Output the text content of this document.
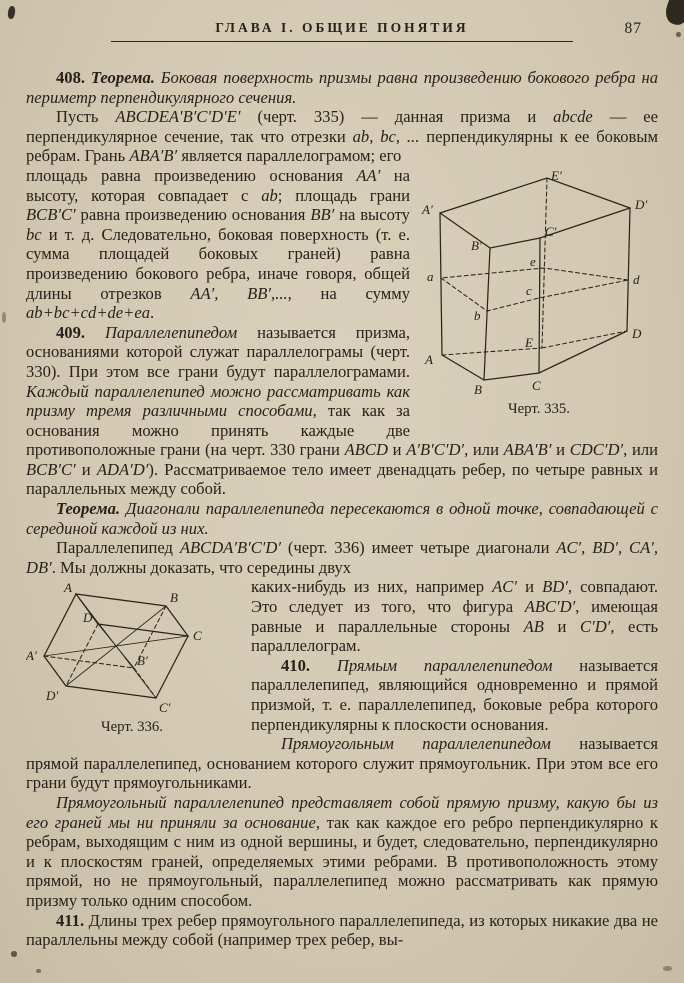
ГЛАВА I. ОБЩИЕ ПОНЯТИЯ	87

408. Теорема. Боковая поверхность призмы равна произведению бокового ребра на периметр перпендикулярного сечения.

Пусть ABCDEA′B′C′D′E′ (черт. 335) — данная призма и abcde — ее перпендикулярное сечение, так что отрезки ab, bc, ... перпендикулярны к ее боковым ребрам. Грань ABA′B′ является параллелограмом; его

E′
A′	D′
B′
C′
e
a
b
c
d
E
A
B	C
D
Черт. 335.

площадь равна произведению основания AA′ на высоту, которая совпадает с ab; площадь грани BCB′C′ равна произведению основания BB′ на высоту bc и т. д. Следовательно, боковая поверхность (т. е. сумма площадей боковых граней) равна произведению бокового ребра, иначе говоря, общей длины отрезков AA′, BB′,..., на сумму ab+bc+cd+de+ea.

409. Параллелепипедом называется призма, основаниями которой служат параллелограмы (черт. 330). При этом все грани будут параллелограмами. Каждый параллелепипед можно рассматривать как призму тремя различными способами, так как за основания можно принять каждые две противоположные грани (на черт. 330 грани ABCD и A′B′C′D′, или ABA′B′ и CDC′D′, или BCB′C′ и ADA′D′). Рассматриваемое тело имеет двенадцать ребер, по четыре равных и параллельных между собой.

Теорема. Диагонали параллелепипеда пересекаются в одной точке, совпадающей с серединой каждой из них.

Параллелепипед ABCDA′B′C′D′ (черт. 336) имеет четыре диагонали AC′, BD′, CA′, DB′. Мы должны доказать, что середины двух

A
B
C
D
A′	B′
C′
D′
Черт. 336.

каких-нибудь из них, например AC′ и BD′, совпадают. Это следует из того, что фигура ABC′D′, имеющая равные и параллельные стороны AB и C′D′, есть параллелограм.

410. Прямым параллелепипедом называется параллелепипед, являющийся одновременно и прямой призмой, т. е. параллелепипед, боковые ребра которого перпендикулярны к плоскости основания.

Прямоугольным параллелепипедом называется прямой параллелепипед, основанием которого служит прямоугольник. При этом все его грани будут прямоугольниками.

Прямоугольный параллелепипед представляет собой прямую призму, какую бы из его граней мы ни приняли за основание, так как каждое его ребро перпендикулярно к ребрам, выходящим с ним из одной вершины, и будет, следовательно, перпендикулярно и к плоскостям граней, определяемых этими ребрами. В противоположность этому прямой, но не прямоугольный, параллелепипед можно рассматривать как прямую призму только одним способом.

411. Длины трех ребер прямоугольного параллелепипеда, из которых никакие два не параллельны между собой (например трех ребер, вы-
